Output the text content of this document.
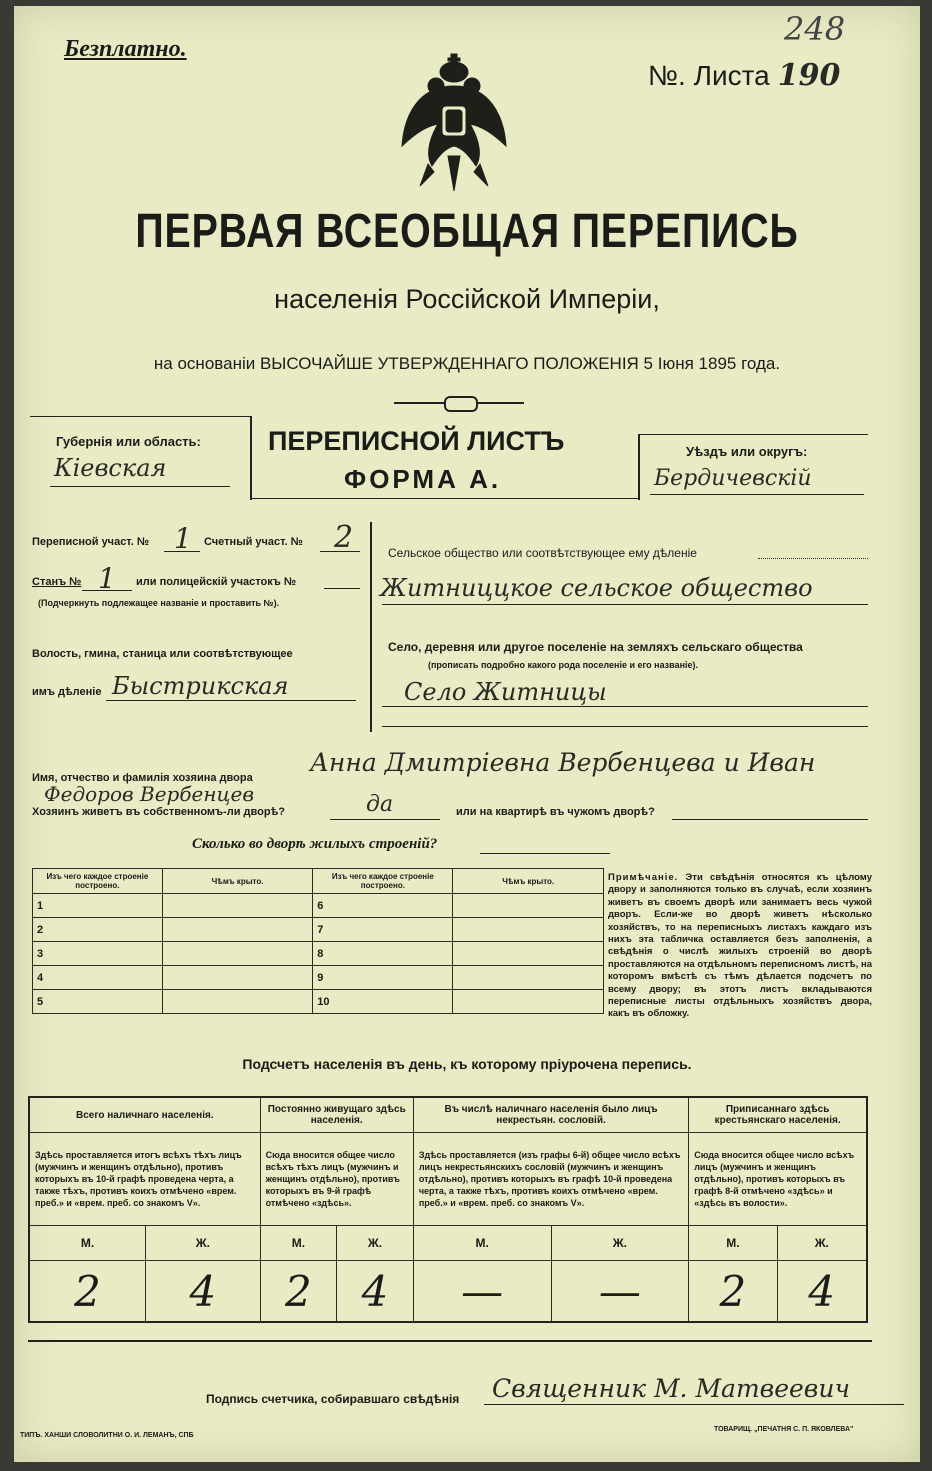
Безплатно.
248
№. Листа 190
ПЕРВАЯ ВСЕОБЩАЯ ПЕРЕПИСЬ
населенія Россійской Имперіи,
на основаніи ВЫСОЧАЙШЕ УТВЕРЖДЕННАГО ПОЛОЖЕНІЯ 5 Іюня 1895 года.
Губернія или область:
Кіевская
ПЕРЕПИСНОЙ ЛИСТЪ
ФОРМА А.
Уѣздъ или округъ:
Бердичевскій
Переписной участ. № 1 Счетный участ. № 2
Станъ № 1 или полицейскій участокъ №
(Подчеркнуть подлежащее названіе и проставить №).
Волость, гмина, станица или соотвѣтствующее
имъ дѣленіе Быстрикская
Сельское общество или соотвѣтствующее ему дѣленіе
Житниццкое сельское общество
Село, деревня или другое поселеніе на земляхъ сельскаго общества
(прописать подробно какого рода поселеніе и его названіе).
Село Житницы
Имя, отчество и фамилія хозяина двора
Анна Дмитріевна Вербенцева и Иван
Федоров Вербенцев
Хозяинъ живетъ въ собственномъ-ли дворѣ?	да	или на квартирѣ въ чужомъ дворѣ?
Сколько во дворѣ жилыхъ строеній?
Изъ чего каждое строеніе построено.	Чѣмъ крыто.	Изъ чего каждое строеніе построено.	Чѣмъ крыто.
1		6	
2		7	
3		8	
4		9	
5		10	
Примѣчаніе. Эти свѣдѣнія относятся къ цѣлому двору и заполняются только въ случаѣ, если хозяинъ живетъ въ своемъ дворѣ или занимаетъ весь чужой дворъ. Если-же во дворѣ живетъ нѣсколько хозяйствъ, то на переписныхъ листахъ каждаго изъ нихъ эта табличка оставляется безъ заполненія, а свѣдѣнія о числѣ жилыхъ строеній во дворѣ проставляются на отдѣльномъ переписномъ листѣ, на которомъ вмѣстѣ съ тѣмъ дѣлается подсчетъ по всему двору; въ этотъ листъ вкладываются переписные листы отдѣльныхъ хозяйствъ двора, какъ въ обложку.
Подсчетъ населенія въ день, къ которому пріурочена перепись.
Всего наличнаго населенія.		Постоянно живущаго здѣсь населенія.		Въ числѣ наличнаго населенія было лицъ некрестьян. сословій.		Приписаннаго здѣсь крестьянскаго населенія.	
Здѣсь проставляется итогъ всѣхъ тѣхъ лицъ (мужчинъ и женщинъ отдѣльно), противъ которыхъ въ 10-й графѣ проведена черта, а также тѣхъ, противъ коихъ отмѣчено «врем. преб.» и «врем. преб. со знакомъ V».		Сюда вносится общее число всѣхъ тѣхъ лицъ (мужчинъ и женщинъ отдѣльно), противъ которыхъ въ 9-й графѣ отмѣчено «здѣсь».		Здѣсь проставляется (изъ графы 6-й) общее число всѣхъ лицъ некрестьянскихъ сословій (мужчинъ и женщинъ отдѣльно), противъ которыхъ въ графѣ 10-й проведена черта, а также тѣхъ, противъ коихъ отмѣчено «врем. преб.» и «врем. преб. со знакомъ V».		Сюда вносится общее число всѣхъ лицъ (мужчинъ и женщинъ отдѣльно), противъ которыхъ въ графѣ 8-й отмѣчено «здѣсь» и «здѣсь въ волости».	
М.	Ж.	М.	Ж.	М.	Ж.	М.	Ж.
2	4	2	4	—	—	2	4
Подпись счетчика, собиравшаго свѣдѣнія Священник М. Матвеевич
ТИПЪ. ХАНШИ СЛОВОЛИТНИ О. И. ЛЕМАНЪ, СПБ
ТОВАРИЩ. „ПЕЧАТНЯ С. П. ЯКОВЛЕВА"
